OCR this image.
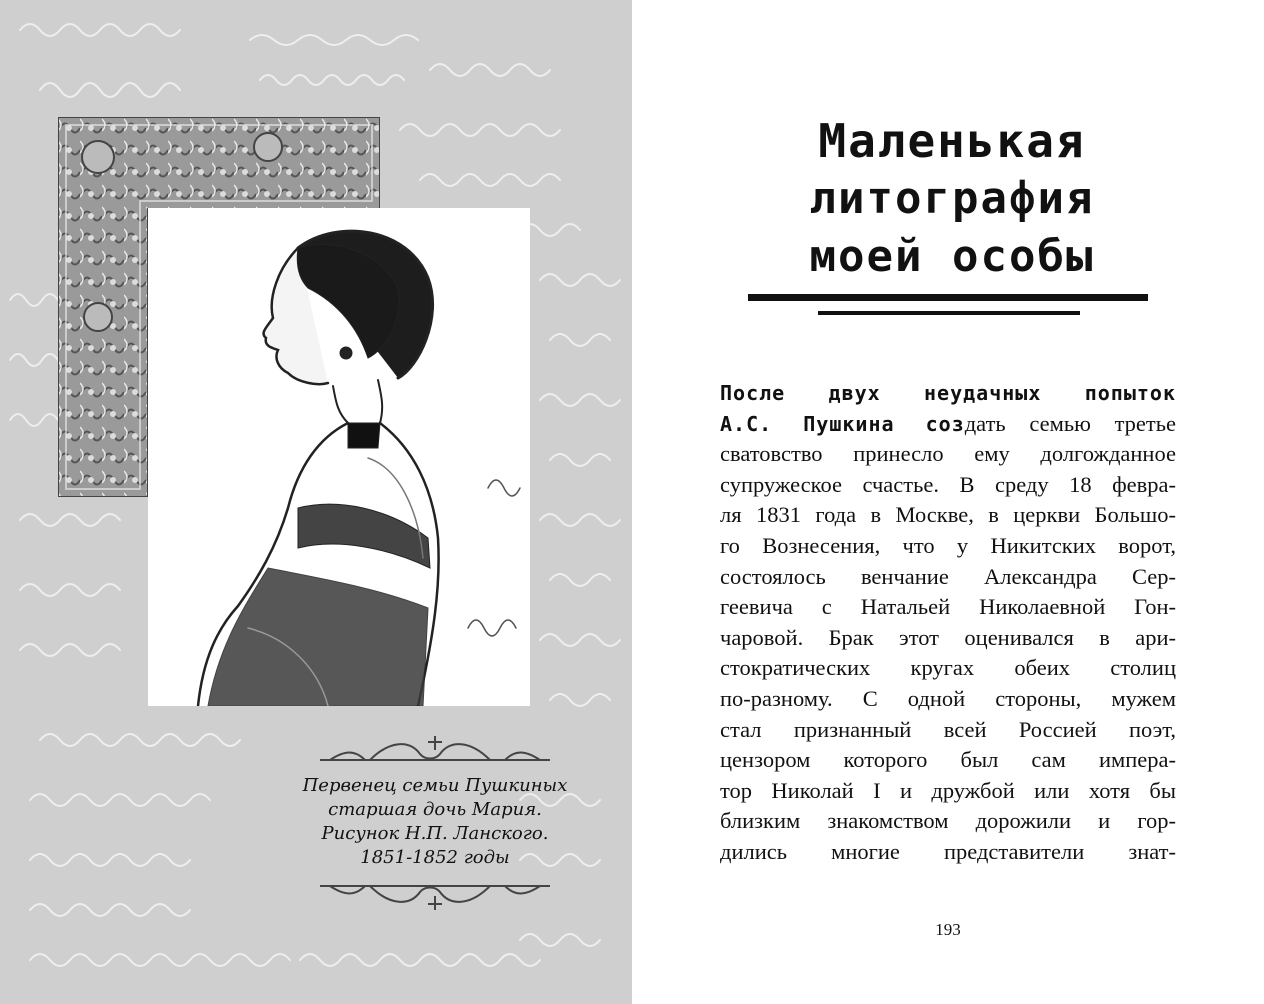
Первенец семьи Пушкиных
старшая дочь Мария.
Рисунок Н.П. Ланского.
1851-1852 годы
Маленькая
литография
моей особы
После двух неудачных попыток
А.С. Пушкина создать семью третье
сватовство принесло ему долгожданное
супружеское счастье. В среду 18 февра-
ля 1831 года в Москве, в церкви Большо-
го Вознесения, что у Никитских ворот,
состоялось венчание Александра Сер-
геевича с Натальей Николаевной Гон-
чаровой. Брак этот оценивался в ари-
стократических кругах обеих столиц
по-разному. С одной стороны, мужем
стал признанный всей Россией поэт,
цензором которого был сам импера-
тор Николай I и дружбой или хотя бы
близким знакомством дорожили и гор-
дились многие представители знат-
193
